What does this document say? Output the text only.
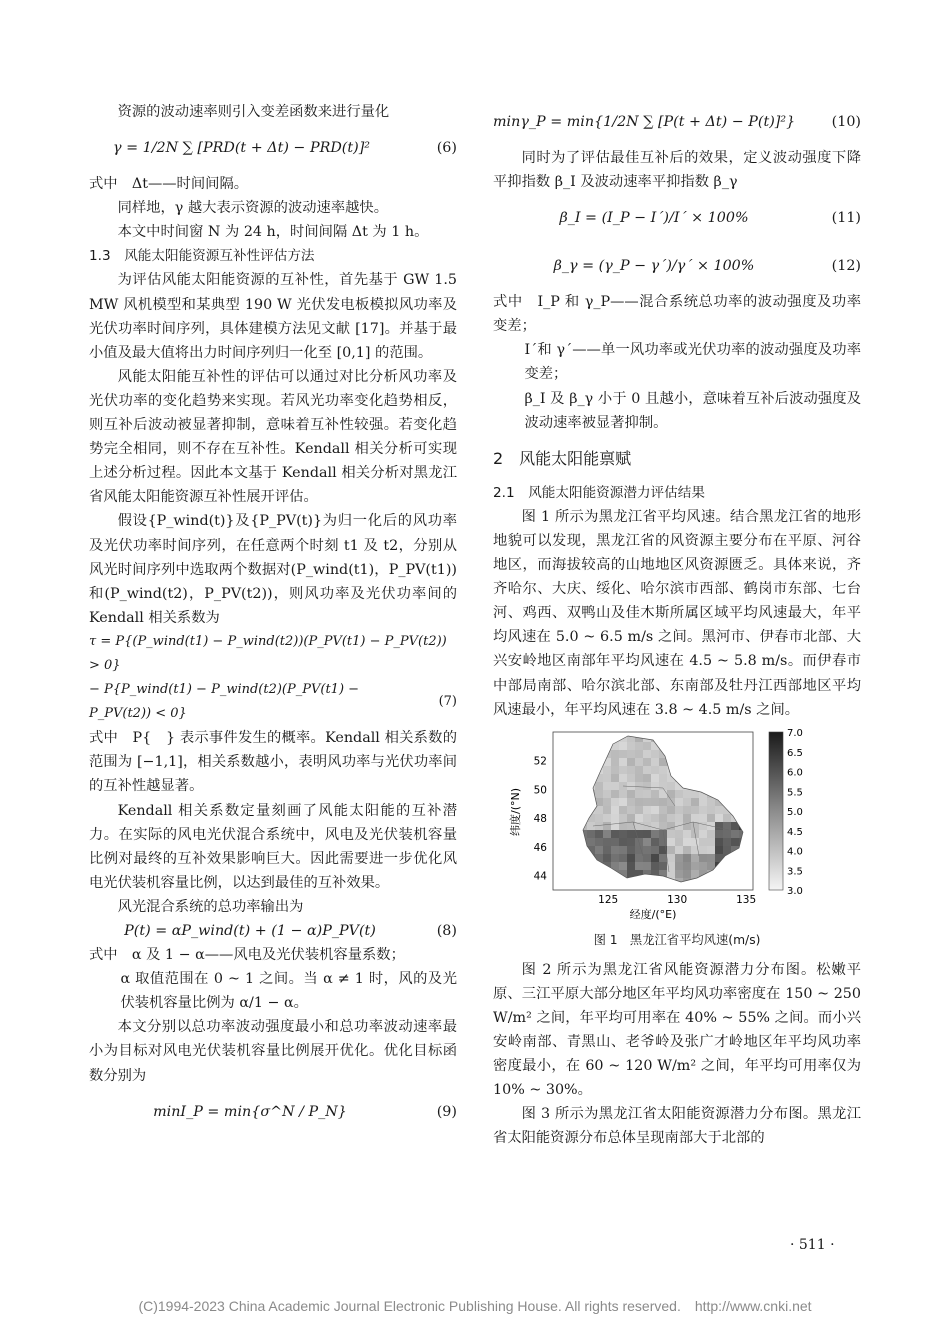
资源的波动速率则引入变差函数来进行量化

γ = 1/2N ∑ [PRD(t + Δt) − PRD(t)]²	(6)

式中　Δt——时间间隔。

同样地，γ 越大表示资源的波动速率越快。

本文中时间窗 N 为 24 h，时间间隔 Δt 为 1 h。

1.3　风能太阳能资源互补性评估方法

为评估风能太阳能资源的互补性，首先基于 GW 1.5 MW 风机模型和某典型 190 W 光伏发电板模拟风功率及光伏功率时间序列，具体建模方法见文献 [17]。并基于最小值及最大值将出力时间序列归一化至 [0,1] 的范围。

风能太阳能互补性的评估可以通过对比分析风功率及光伏功率的变化趋势来实现。若风光功率变化趋势相反，则互补后波动被显著抑制，意味着互补性较强。若变化趋势完全相同，则不存在互补性。Kendall 相关分析可实现上述分析过程。因此本文基于 Kendall 相关分析对黑龙江省风能太阳能资源互补性展开评估。

假设{P_wind(t)}及{P_PV(t)}为归一化后的风功率及光伏功率时间序列，在任意两个时刻 t1 及 t2，分别从风光时间序列中选取两个数据对(P_wind(t1)，P_PV(t1))和(P_wind(t2)，P_PV(t2))，则风功率及光伏功率间的 Kendall 相关系数为

τ = P{(P_wind(t1) − P_wind(t2))(P_PV(t1) − P_PV(t2)) > 0}
− P{P_wind(t1) − P_wind(t2)(P_PV(t1) − P_PV(t2)) < 0}
(7)

式中　P{　} 表示事件发生的概率。Kendall 相关系数的范围为 [−1,1]，相关系数越小，表明风功率与光伏功率间的互补性越显著。

Kendall 相关系数定量刻画了风能太阳能的互补潜力。在实际的风电光伏混合系统中，风电及光伏装机容量比例对最终的互补效果影响巨大。因此需要进一步优化风电光伏装机容量比例，以达到最佳的互补效果。

风光混合系统的总功率输出为

P(t) = αP_wind(t) + (1 − α)P_PV(t)	(8)

式中　α 及 1 − α——风电及光伏装机容量系数；

α 取值范围在 0 ~ 1 之间。当 α ≠ 1 时，风的及光伏装机容量比例为 α/1 − α。

本文分别以总功率波动强度最小和总功率波动速率最小为目标对风电光伏装机容量比例展开优化。优化目标函数分别为

minI_P = min{σ^N / P_N}	(9)
minγ_P = min{1/2N ∑ [P(t + Δt) − P(t)]²}	(10)

同时为了评估最佳互补后的效果，定义波动强度下降平抑指数 β_I 及波动速率平抑指数 β_γ

β_I = (I_P − I´)/I´ × 100%	(11)
β_γ = (γ_P − γ´)/γ´ × 100%	(12)

式中　I_P 和 γ_P——混合系统总功率的波动强度及功率变差；

I´和 γ´——单一风功率或光伏功率的波动强度及功率变差；

β_I 及 β_γ 小于 0 且越小，意味着互补后波动强度及波动速率被显著抑制。

2　风能太阳能禀赋

2.1　风能太阳能资源潜力评估结果

图 1 所示为黑龙江省平均风速。结合黑龙江省的地形地貌可以发现，黑龙江省的风资源主要分布在平原、河谷地区，而海拔较高的山地地区风资源匮乏。具体来说，齐齐哈尔、大庆、绥化、哈尔滨市西部、鹤岗市东部、七台河、鸡西、双鸭山及佳木斯所属区域平均风速最大，年平均风速在 5.0 ~ 6.5 m/s 之间。黑河市、伊春市北部、大兴安岭地区南部年平均风速在 4.5 ~ 5.8 m/s。而伊春市中部局南部、哈尔滨北部、东南部及牡丹江西部地区平均风速最小，年平均风速在 3.8 ~ 4.5 m/s 之间。

52
50
48
46
44
125	130	135
纬度/(°N)
经度/(°E)
7.0
6.5
6.0
5.5
5.0
4.5
4.0
3.5
3.0

图 1　黑龙江省平均风速(m/s)

图 2 所示为黑龙江省风能资源潜力分布图。松嫩平原、三江平原大部分地区年平均风功率密度在 150 ~ 250 W/m² 之间，年平均可用率在 40% ~ 55% 之间。而小兴安岭南部、青黑山、老爷岭及张广才岭地区年平均风功率密度最小，在 60 ~ 120 W/m² 之间，年平均可用率仅为 10% ~ 30%。

图 3 所示为黑龙江省太阳能资源潜力分布图。黑龙江省太阳能资源分布总体呈现南部大于北部的

· 511 ·
(C)1994-2023 China Academic Journal Electronic Publishing House. All rights reserved.　http://www.cnki.net
